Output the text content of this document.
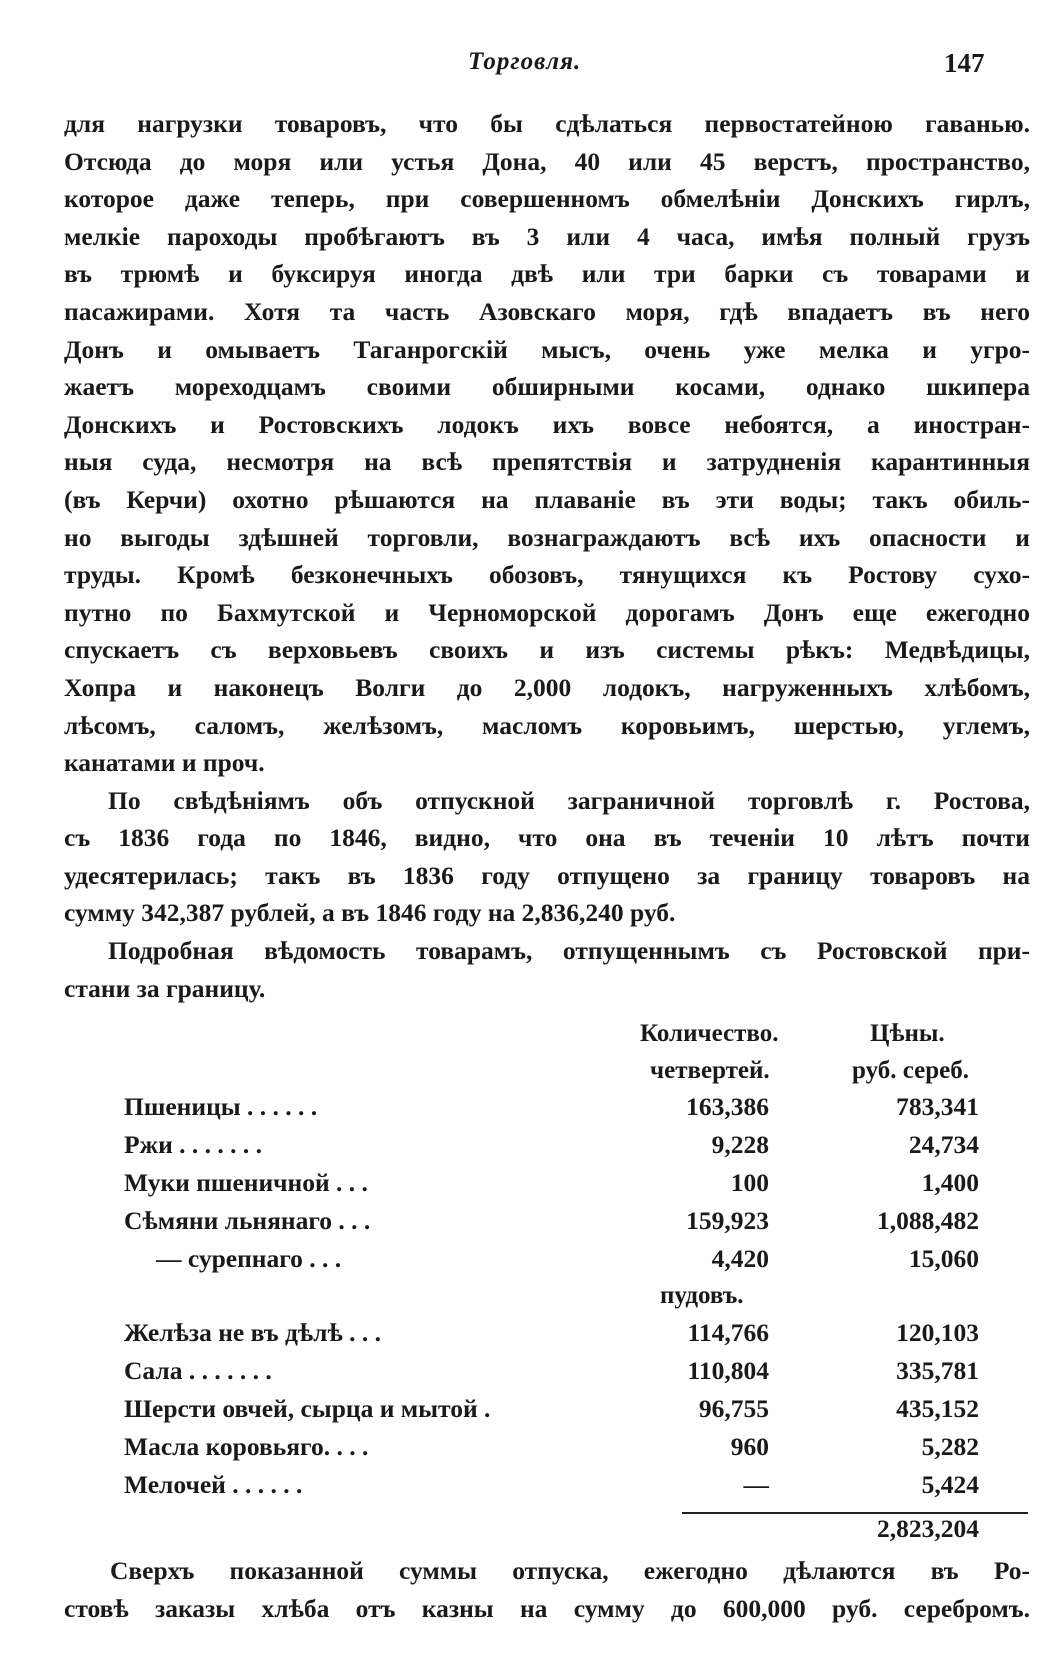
Торговля.	147
для нагрузки товаровъ, что бы сдѣлаться первостатейною гаванью.
Отсюда до моря или устья Дона, 40 или 45 верстъ, пространство,
которое даже теперь, при совершенномъ обмелѣніи Донскихъ гирлъ,
мелкіе пароходы пробѣгаютъ въ 3 или 4 часа, имѣя полный грузъ
въ трюмѣ и буксируя иногда двѣ или три барки съ товарами и
пасажирами. Хотя та часть Азовскаго моря, гдѣ впадаетъ въ него
Донъ и омываетъ Таганрогскій мысъ, очень уже мелка и угро-
жаетъ мореходцамъ своими обширными косами, однако шкипера
Донскихъ и Ростовскихъ лодокъ ихъ вовсе небоятся, а иностран-
ныя суда, несмотря на всѣ препятствія и затрудненія карантинныя
(въ Керчи) охотно рѣшаются на плаваніе въ эти воды; такъ обиль-
но выгоды здѣшней торговли, вознаграждаютъ всѣ ихъ опасности и
труды. Кромѣ безконечныхъ обозовъ, тянущихся къ Ростову сухо-
путно по Бахмутской и Черноморской дорогамъ Донъ еще ежегодно
спускаетъ съ верховьевъ своихъ и изъ системы рѣкъ: Медвѣдицы,
Хопра и наконецъ Волги до 2,000 лодокъ, нагруженныхъ хлѣбомъ,
лѣсомъ, саломъ, желѣзомъ, масломъ коровьимъ, шерстью, углемъ,
канатами и проч.
По свѣдѣніямъ объ отпускной заграничной торговлѣ г. Ростова,
съ 1836 года по 1846, видно, что она въ теченіи 10 лѣтъ почти
удесятерилась; такъ въ 1836 году отпущено за границу товаровъ на
сумму 342,387 рублей, а въ 1846 году на 2,836,240 руб.
Подробная вѣдомость товарамъ, отпущеннымъ съ Ростовской при-
стани за границу.
Количество.	Цѣны.
четвертей.	руб. сереб.
Пшеницы . . . . . .	163,386	783,341
Ржи . . . . . . .	9,228	24,734
Муки пшеничной . . .	100	1,400
Сѣмяни льнянаго . . .	159,923	1,088,482
— сурепнаго . . .	4,420	15,060
пудовъ.
Желѣза не въ дѣлѣ . . .	114,766	120,103
Сала . . . . . . .	110,804	335,781
Шерсти овчей, сырца и мытой .	96,755	435,152
Масла коровьяго. . . .	960	5,282
Мелочей . . . . . .	—	5,424
2,823,204
Сверхъ показанной суммы отпуска, ежегодно дѣлаются въ Ро-
стовѣ заказы хлѣба отъ казны на сумму до 600,000 руб. серебромъ.
